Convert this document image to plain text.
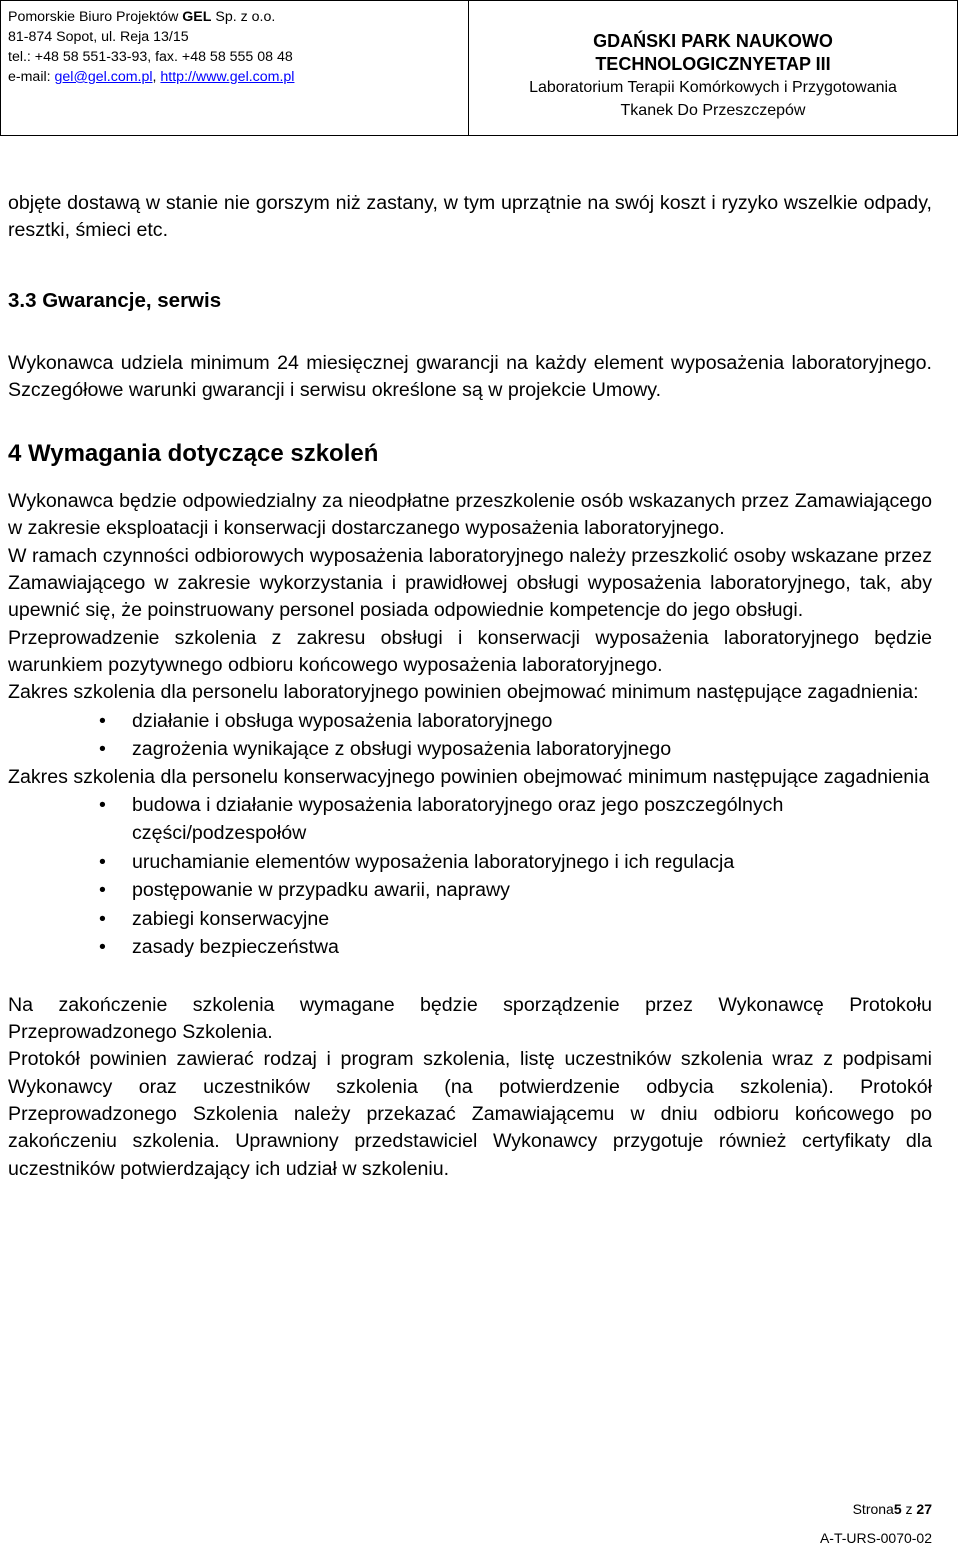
Pomorskie Biuro Projektów GEL Sp. z o.o.
81-874 Sopot, ul. Reja 13/15
tel.: +48 58 551-33-93, fax. +48 58 555 08 48
e-mail: gel@gel.com.pl, http://www.gel.com.pl
GDAŃSKI PARK NAUKOWO
TECHNOLOGICZNYETAP III
Laboratorium Terapii Komórkowych i Przygotowania
Tkanek Do Przeszczepów

objęte dostawą w stanie nie gorszym niż zastany, w tym uprzątnie na swój koszt i ryzyko wszelkie odpady, resztki, śmieci etc.

3.3 Gwarancje, serwis

Wykonawca udziela minimum 24 miesięcznej gwarancji na każdy element wyposażenia laboratoryjnego. Szczegółowe warunki gwarancji i serwisu określone są w projekcie Umowy.

4 Wymagania dotyczące szkoleń

Wykonawca będzie odpowiedzialny za nieodpłatne przeszkolenie osób wskazanych przez Zamawiającego w zakresie eksploatacji i konserwacji dostarczanego wyposażenia laboratoryjnego.

W ramach czynności odbiorowych wyposażenia laboratoryjnego należy przeszkolić osoby wskazane przez Zamawiającego w zakresie wykorzystania i prawidłowej obsługi wyposażenia laboratoryjnego, tak, aby upewnić się, że poinstruowany personel posiada odpowiednie kompetencje do jego obsługi.

Przeprowadzenie szkolenia z zakresu obsługi i konserwacji wyposażenia laboratoryjnego będzie warunkiem pozytywnego odbioru końcowego wyposażenia laboratoryjnego.

Zakres szkolenia dla personelu laboratoryjnego powinien obejmować minimum następujące zagadnienia:

• działanie i obsługa wyposażenia laboratoryjnego
• zagrożenia wynikające z obsługi wyposażenia laboratoryjnego

Zakres szkolenia dla personelu konserwacyjnego powinien obejmować minimum następujące zagadnienia

• budowa i działanie wyposażenia laboratoryjnego oraz jego poszczególnych części/podzespołów
• uruchamianie elementów wyposażenia laboratoryjnego i ich regulacja
• postępowanie w przypadku awarii, naprawy
• zabiegi konserwacyjne
• zasady bezpieczeństwa

Na zakończenie szkolenia wymagane będzie sporządzenie przez Wykonawcę Protokołu Przeprowadzonego Szkolenia.

Protokół powinien zawierać rodzaj i program szkolenia, listę uczestników szkolenia wraz z podpisami Wykonawcy oraz uczestników szkolenia (na potwierdzenie odbycia szkolenia). Protokół Przeprowadzonego Szkolenia należy przekazać Zamawiającemu w dniu odbioru końcowego po zakończeniu szkolenia. Uprawniony przedstawiciel Wykonawcy przygotuje również certyfikaty dla uczestników potwierdzający ich udział w szkoleniu.

Strona5 z 27
A-T-URS-0070-02
